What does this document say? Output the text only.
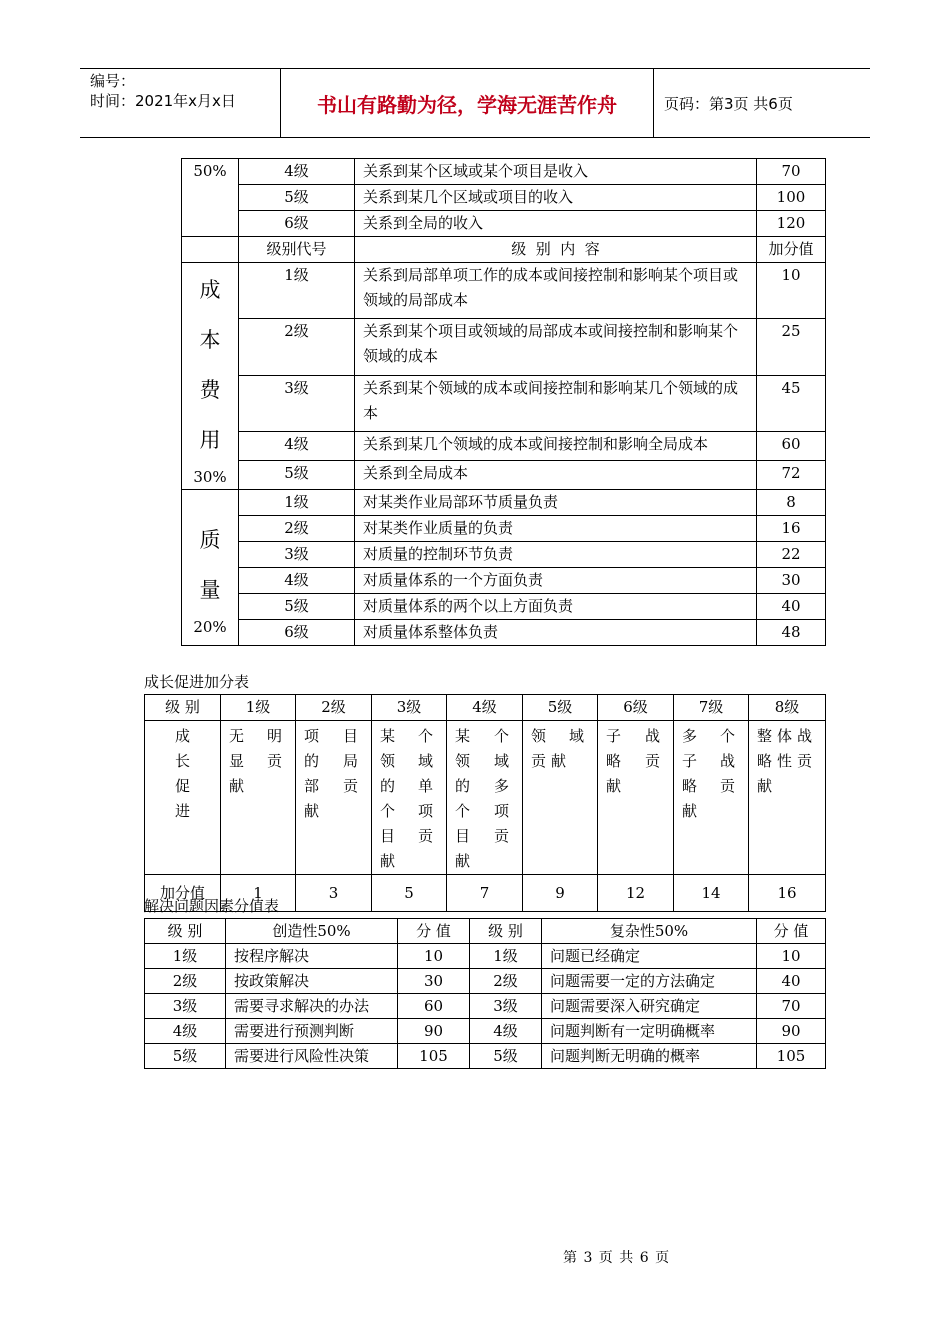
编号：
时间：2021年x月x日	书山有路勤为径，学海无涯苦作舟	页码：第3页 共6页
50%	4级	关系到某个区域或某个项目是收入	70
	5级	关系到某几个区域或项目的收入	100
	6级	关系到全局的收入	120
	级别代号	级  别  内  容	加分值

成
本
费
用
30%	1级	关系到局部单项工作的成本或间接控制和影响某个项目或领域的局部成本	10
	2级	关系到某个项目或领域的局部成本或间接控制和影响某个领域的成本	25
	3级	关系到某个领域的成本或间接控制和影响某几个领域的成本	45
	4级	关系到某几个领域的成本或间接控制和影响全局成本	60
	5级	关系到全局成本	72

质
量
20%	1级	对某类作业局部环节质量负责	8
	2级	对某类作业质量的负责	16
	3级	对质量的控制环节负责	22
	4级	对质量体系的一个方面负责	30
	5级	对质量体系的两个以上方面负责	40
	6级	对质量体系整体负责	48
成长促进加分表
级 别	1级	2级	3级	4级	5级	6级	7级	8级

成
长
促
进	无明显贡献	项目的局部贡献	某个领域的单个项目贡献	某个领域的多个项目贡献	领域贡献	子战略贡献	多个子战略贡献	整体战略性贡献
加分值	1	3	5	7	9	12	14	16
解决问题因素分值表
级 别	创造性50%	分 值	级 别	复杂性50%	分 值
1级	按程序解决	10	1级	问题已经确定	10
2级	按政策解决	30	2级	问题需要一定的方法确定	40
3级	需要寻求解决的办法	60	3级	问题需要深入研究确定	70
4级	需要进行预测判断	90	4级	问题判断有一定明确概率	90
5级	需要进行风险性决策	105	5级	问题判断无明确的概率	105
第 3 页 共 6 页
